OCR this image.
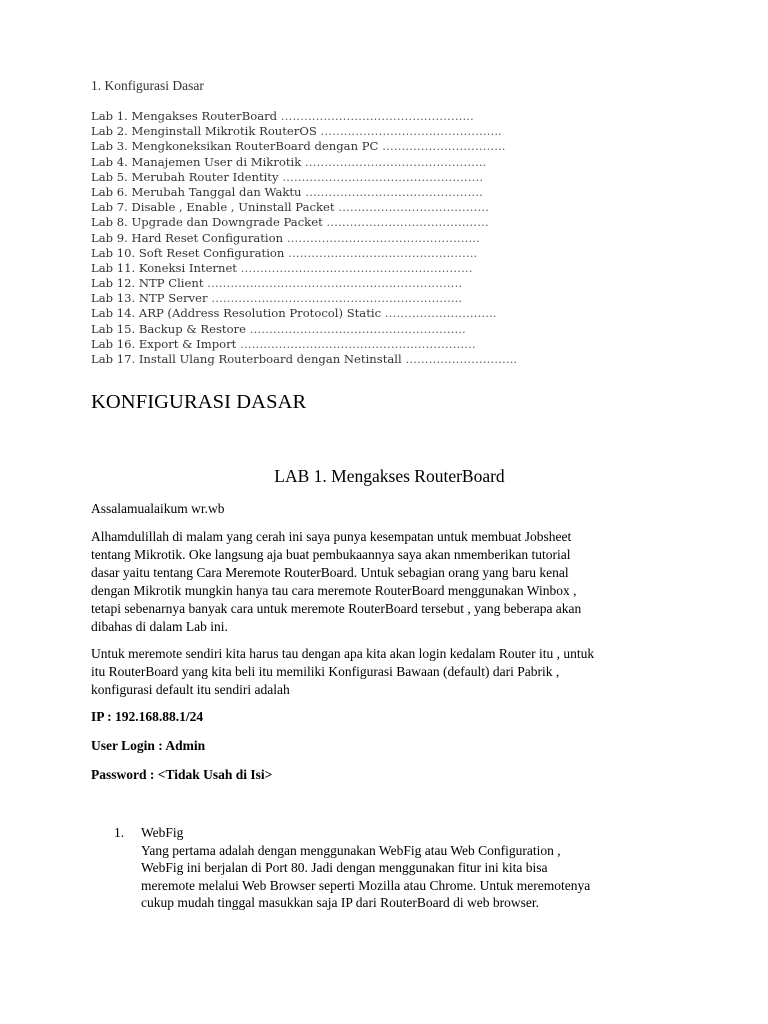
1. Konfigurasi Dasar
Lab 1. Mengakses RouterBoard …………………………………………..
Lab 2. Menginstall Mikrotik RouterOS ………………………………………..
Lab 3. Mengkoneksikan RouterBoard dengan PC …………………………..
Lab 4. Manajemen User di Mikrotik ………………………………………..
Lab 5. Merubah Router Identity …………………………………………….
Lab 6. Merubah Tanggal dan Waktu ……………………………………….
Lab 7. Disable , Enable , Uninstall Packet …………………………………
Lab 8. Upgrade dan Downgrade Packet ……………………………………
Lab 9. Hard Reset Configuration …………………………………………..
Lab 10. Soft Reset Configuration ………………………………………….
Lab 11. Koneksi Internet ……………………………………………………
Lab 12. NTP Client …………………………………………………………
Lab 13. NTP Server ………………………………………………………..
Lab 14. ARP (Address Resolution Protocol) Static ………………………..
Lab 15. Backup & Restore ………………………………………………..
Lab 16. Export & Import …………………………………………………….
Lab 17. Install Ulang Routerboard dengan Netinstall ………………………..
KONFIGURASI DASAR
LAB 1. Mengakses RouterBoard
Assalamualaikum wr.wb
Alhamdulillah di malam yang cerah ini saya punya kesempatan untuk membuat Jobsheet
tentang Mikrotik. Oke langsung aja buat pembukaannya saya akan nmemberikan tutorial
dasar yaitu tentang Cara Meremote RouterBoard. Untuk sebagian orang yang baru kenal
dengan Mikrotik mungkin hanya tau cara meremote RouterBoard menggunakan Winbox ,
tetapi sebenarnya banyak cara untuk meremote RouterBoard tersebut , yang beberapa akan
dibahas di dalam Lab ini.
Untuk meremote sendiri kita harus tau dengan apa kita akan login kedalam Router itu , untuk
itu RouterBoard yang kita beli itu memiliki Konfigurasi Bawaan (default) dari Pabrik ,
konfigurasi default itu sendiri adalah
IP : 192.168.88.1/24
User Login : Admin
Password : <Tidak Usah di Isi>
1. WebFig
Yang pertama adalah dengan menggunakan WebFig atau Web Configuration ,
WebFig ini berjalan di Port 80. Jadi dengan menggunakan fitur ini kita bisa
meremote melalui Web Browser seperti Mozilla atau Chrome. Untuk meremotenya
cukup mudah tinggal masukkan saja IP dari RouterBoard di web browser.
